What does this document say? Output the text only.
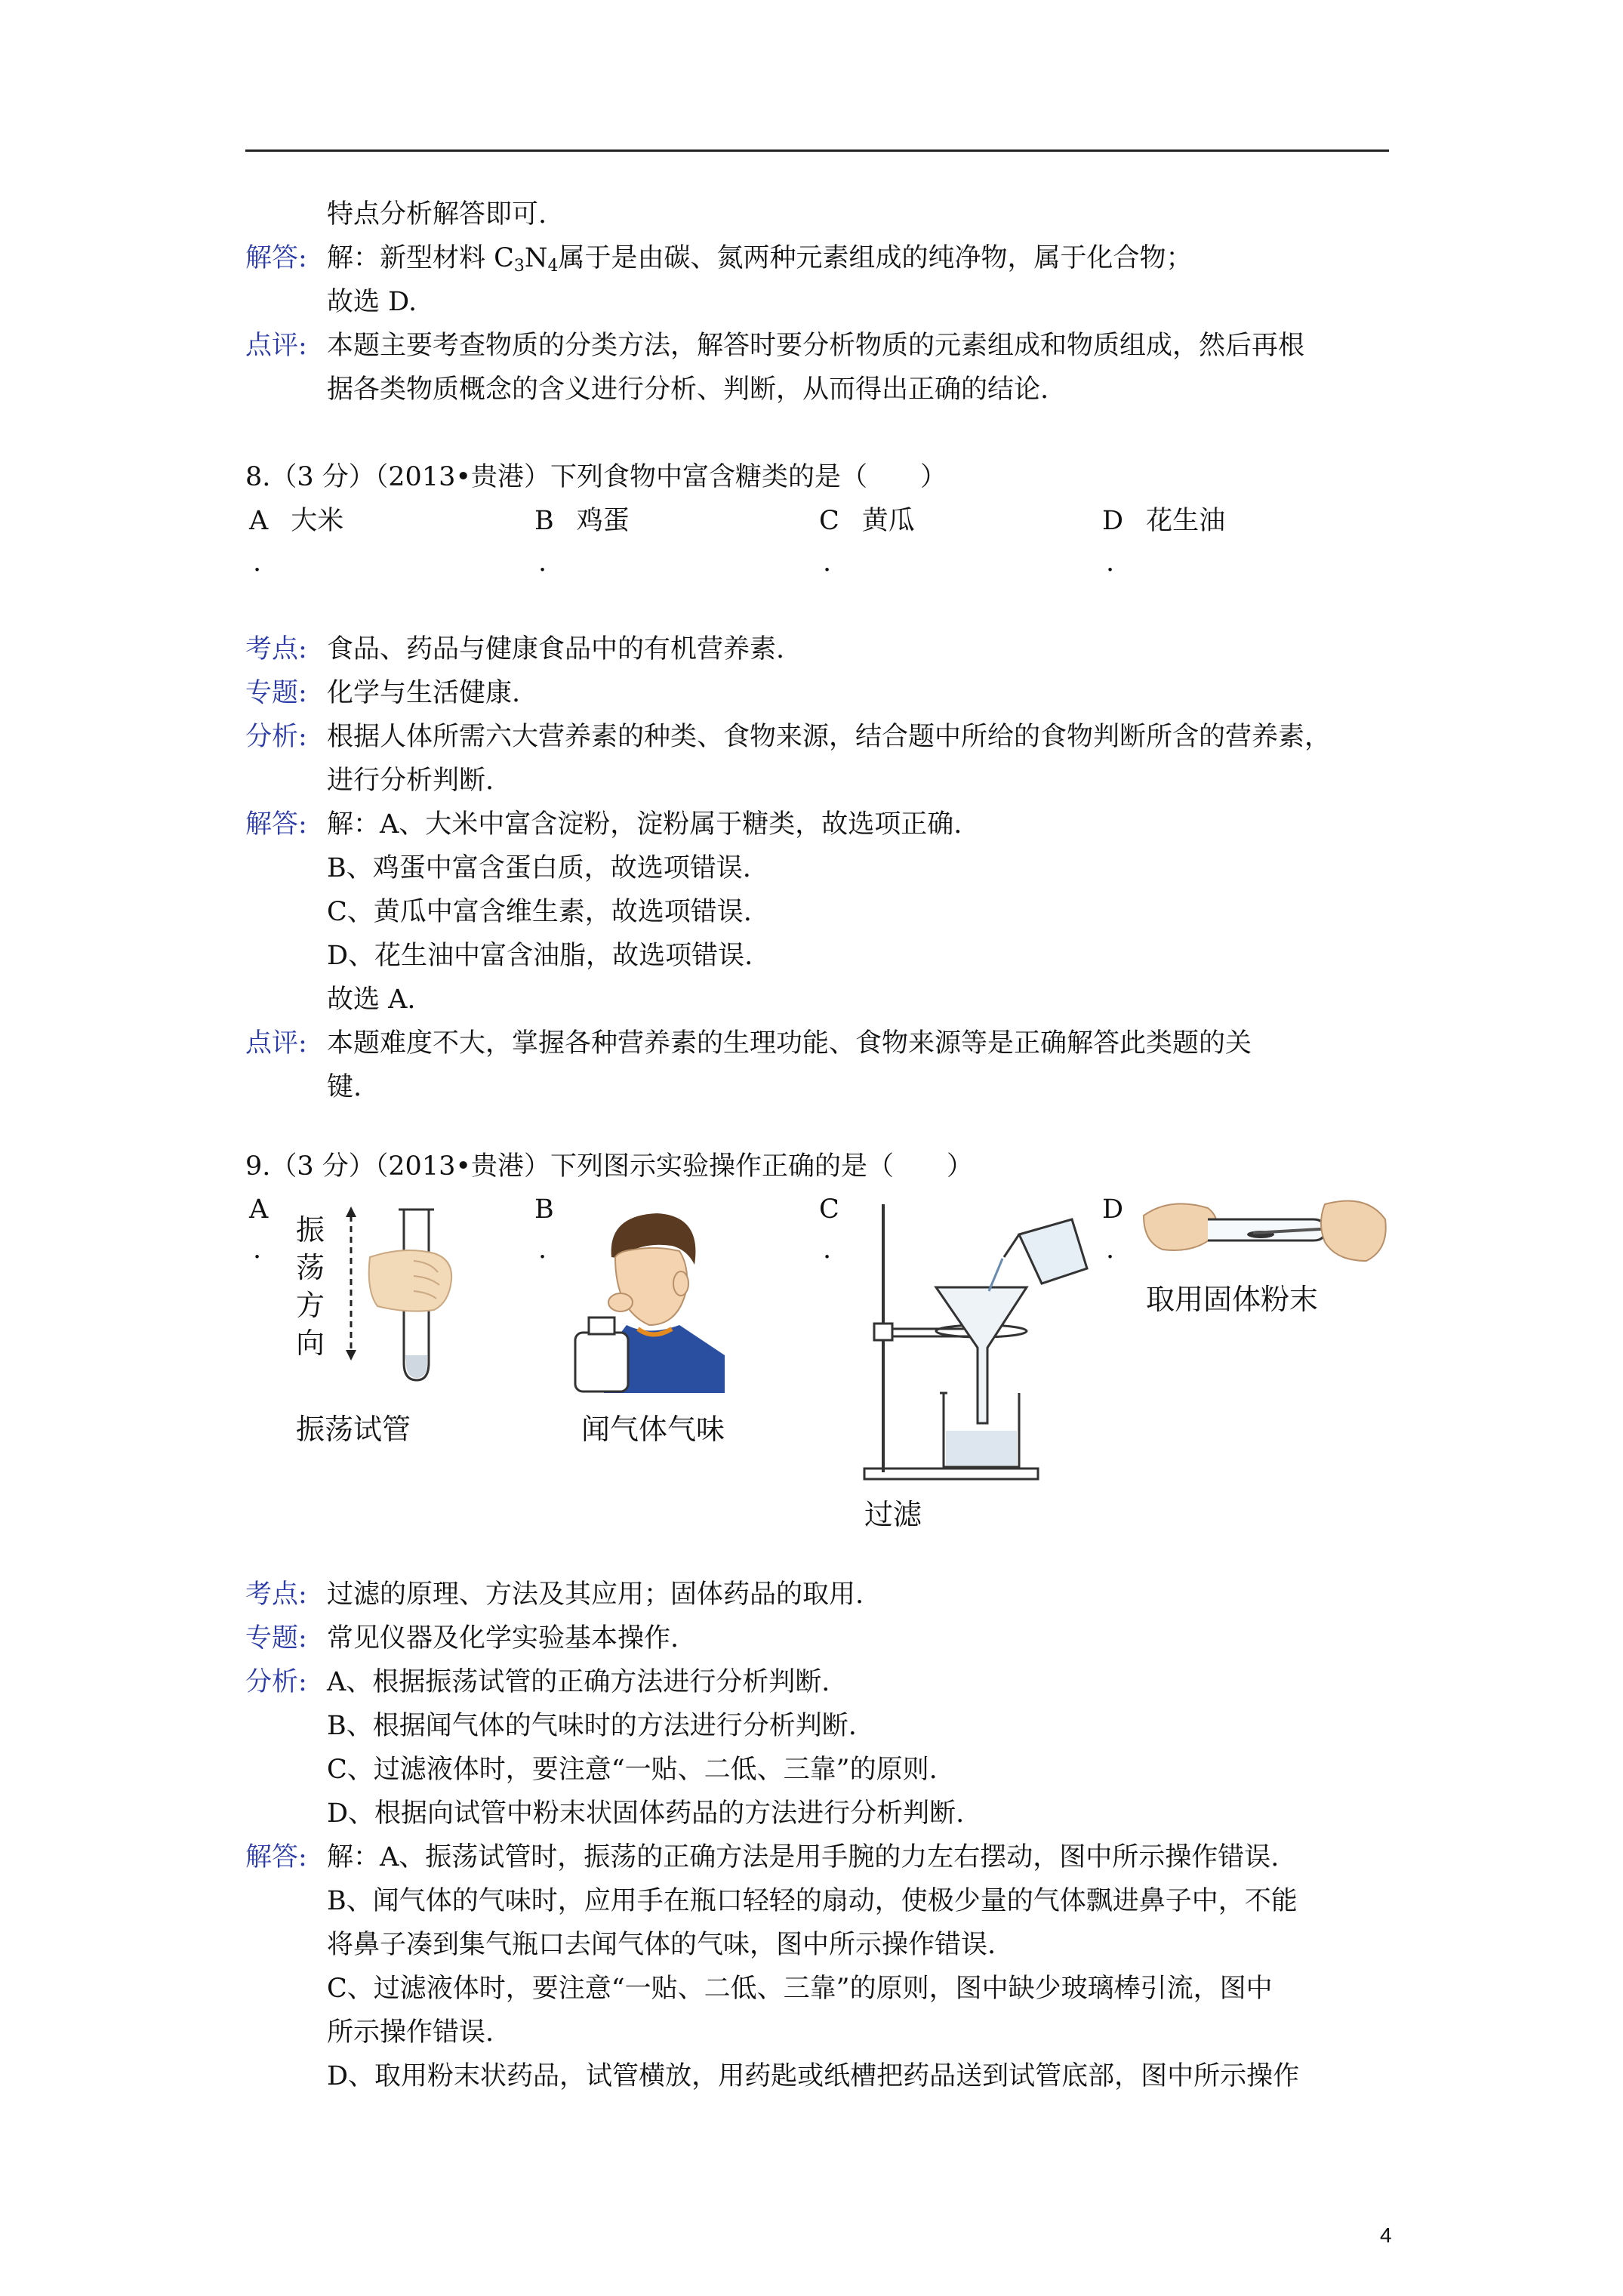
特点分析解答即可.
解答: 解：新型材料 $C_3N_4$属于是由碳、氮两种元素组成的纯净物，属于化合物；
故选 D.
点评: 本题主要考查物质的分类方法，解答时要分析物质的元素组成和物质组成，然后再根
据各类物质概念的含义进行分析、判断，从而得出正确的结论.
8.（3 分）（2013•贵港）下列食物中富含糖类的是（　　）
A 大米	B 鸡蛋	C 黄瓜	D 花生油
.	.	.	.
考点: 食品、药品与健康食品中的有机营养素.
专题: 化学与生活健康.
分析: 根据人体所需六大营养素的种类、食物来源，结合题中所给的食物判断所含的营养素，
进行分析判断.
解答: 解：A、大米中富含淀粉，淀粉属于糖类，故选项正确.
B、鸡蛋中富含蛋白质，故选项错误.
C、黄瓜中富含维生素，故选项错误.
D、花生油中富含油脂，故选项错误.
故选 A.
点评: 本题难度不大，掌握各种营养素的生理功能、食物来源等是正确解答此类题的关
键.
9.（3 分）（2013•贵港）下列图示实验操作正确的是（　　）
A	B	C	D
.	.	.	.
振
荡
方
向
振荡试管	闻气体气味
过滤
取用固体粉末
考点: 过滤的原理、方法及其应用；固体药品的取用.
专题: 常见仪器及化学实验基本操作.
分析: A、根据振荡试管的正确方法进行分析判断.
B、根据闻气体的气味时的方法进行分析判断.
C、过滤液体时，要注意“一贴、二低、三靠”的原则.
D、根据向试管中粉末状固体药品的方法进行分析判断.
解答: 解：A、振荡试管时，振荡的正确方法是用手腕的力左右摆动，图中所示操作错误.
B、闻气体的气味时，应用手在瓶口轻轻的扇动，使极少量的气体飘进鼻子中，不能
将鼻子凑到集气瓶口去闻气体的气味，图中所示操作错误.
C、过滤液体时，要注意“一贴、二低、三靠”的原则，图中缺少玻璃棒引流，图中
所示操作错误.
D、取用粉末状药品，试管横放，用药匙或纸槽把药品送到试管底部，图中所示操作
4
